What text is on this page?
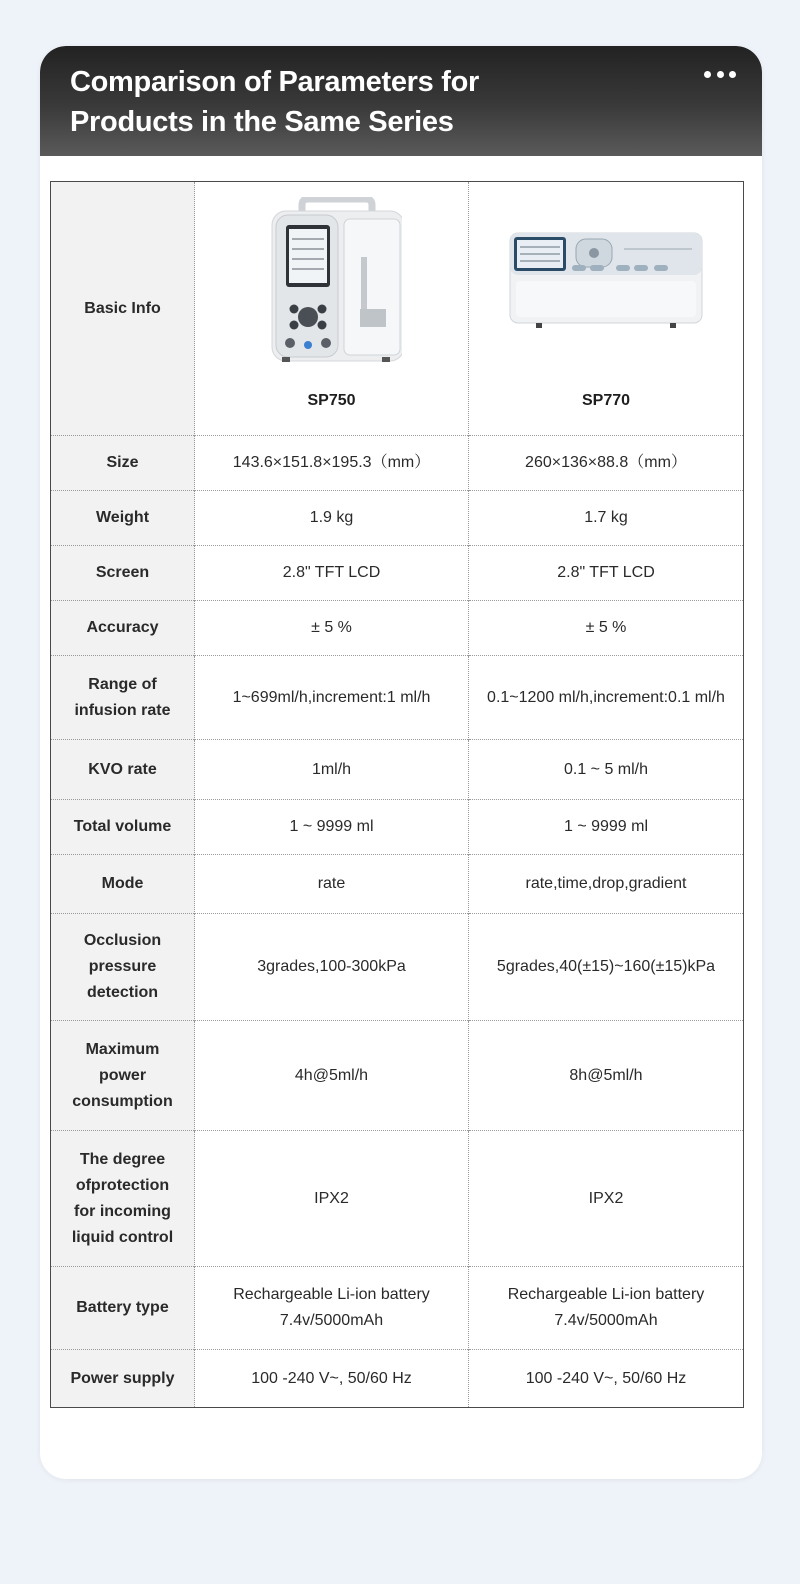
Comparison of Parameters for Products in the Same Series
Basic Info	SP750	SP770

Size	143.6×151.8×195.3（mm）	260×136×88.8（mm）
Weight	1.9 kg	1.7 kg
Screen	2.8" TFT LCD	2.8" TFT LCD
Accuracy	± 5 %	± 5 %
Range of infusion rate	1~699ml/h,increment:1 ml/h	0.1~1200 ml/h,increment:0.1 ml/h
KVO rate	1ml/h	0.1 ~ 5 ml/h
Total volume	1 ~ 9999 ml	1 ~ 9999 ml
Mode	rate	rate,time,drop,gradient
Occlusion pressure detection	3grades,100-300kPa	5grades,40(±15)~160(±15)kPa
Maximum power consumption	4h@5ml/h	8h@5ml/h
The degree ofprotection for incoming liquid control	IPX2	IPX2
Battery type	Rechargeable Li-ion battery 7.4v/5000mAh	Rechargeable Li-ion battery 7.4v/5000mAh
Power supply	100 -240 V~, 50/60 Hz	100 -240 V~, 50/60 Hz
